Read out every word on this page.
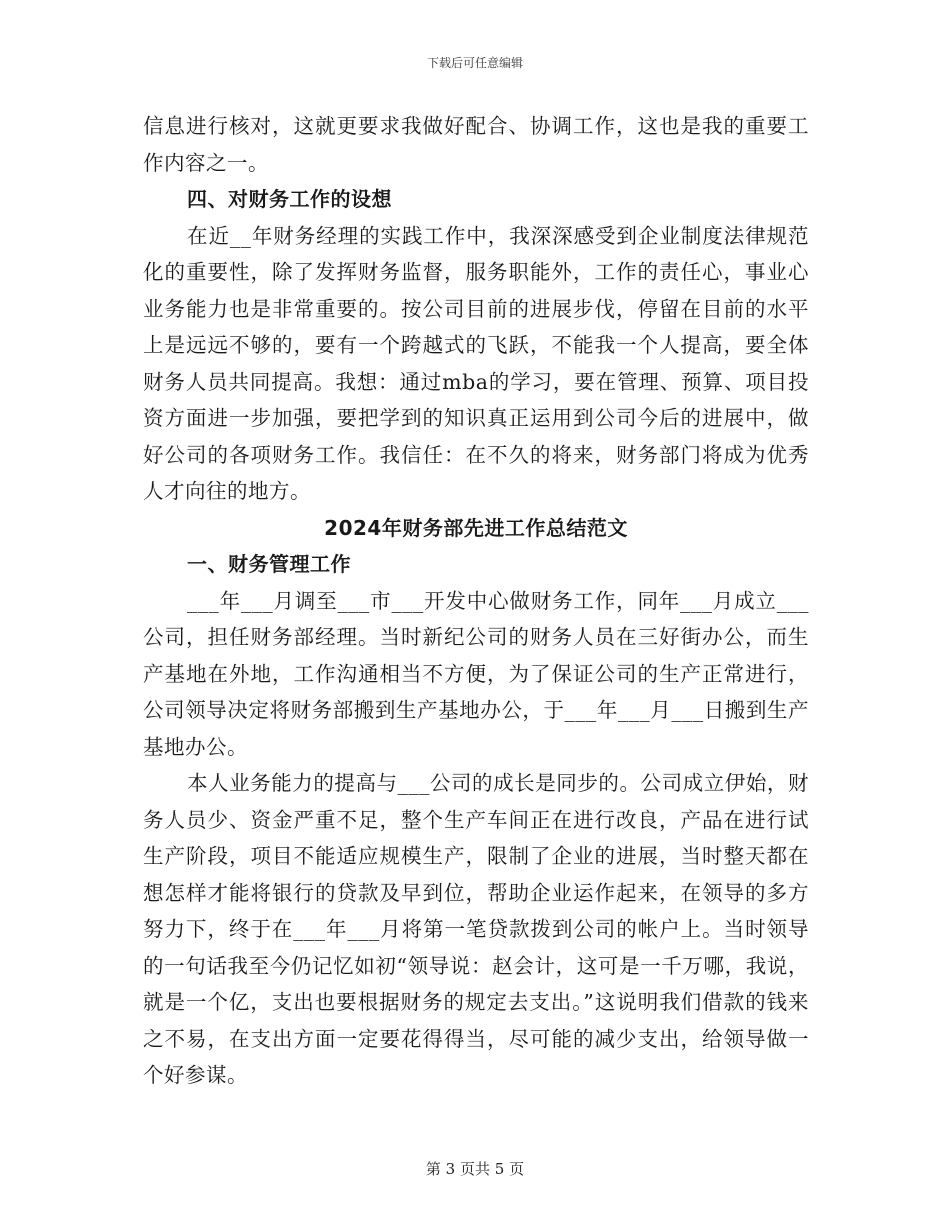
下载后可任意编辑

信息进行核对，这就更要求我做好配合、协调工作，这也是我的重要工作内容之一。

四、对财务工作的设想

在近__年财务经理的实践工作中，我深深感受到企业制度法律规范化的重要性，除了发挥财务监督，服务职能外，工作的责任心，事业心业务能力也是非常重要的。按公司目前的进展步伐，停留在目前的水平上是远远不够的，要有一个跨越式的飞跃，不能我一个人提高，要全体财务人员共同提高。我想：通过mba的学习，要在管理、预算、项目投资方面进一步加强，要把学到的知识真正运用到公司今后的进展中，做好公司的各项财务工作。我信任：在不久的将来，财务部门将成为优秀人才向往的地方。

2024年财务部先进工作总结范文

一、财务管理工作

___年___月调至___市___开发中心做财务工作，同年___月成立___公司，担任财务部经理。当时新纪公司的财务人员在三好街办公，而生产基地在外地，工作沟通相当不方便，为了保证公司的生产正常进行，公司领导决定将财务部搬到生产基地办公，于___年___月___日搬到生产基地办公。

本人业务能力的提高与___公司的成长是同步的。公司成立伊始，财务人员少、资金严重不足，整个生产车间正在进行改良，产品在进行试生产阶段，项目不能适应规模生产，限制了企业的进展，当时整天都在想怎样才能将银行的贷款及早到位，帮助企业运作起来，在领导的多方努力下，终于在___年___月将第一笔贷款拨到公司的帐户上。当时领导的一句话我至今仍记忆如初“领导说：赵会计，这可是一千万哪，我说，就是一个亿，支出也要根据财务的规定去支出。”这说明我们借款的钱来之不易，在支出方面一定要花得得当，尽可能的减少支出，给领导做一个好参谋。

第 3 页共 5 页
